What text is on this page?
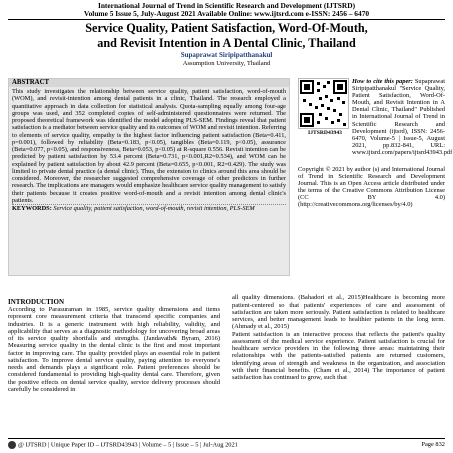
International Journal of Trend in Scientific Research and Development (IJTSRD)
Volume 5 Issue 5, July-August 2021 Available Online: www.ijtsrd.com e-ISSN: 2456 – 6470
Service Quality, Patient Satisfaction, Word-Of-Mouth,
and Revisit Intention in A Dental Clinic, Thailand
Supaprawat Siripipatthanakul
Assumption University, Thailand
ABSTRACT
This study investigates the relationship between service quality, patient satisfaction, word-of-mouth (WOM), and revisit-intention among dental patients in a clinic, Thailand. The research employed a quantitative approach in data collection for statistical analysis. Quota-sampling equally among four-age groups was used, and 352 completed copies of self-administered questionnaires were returned. The proposed theoretical framework was identified the model adopting PLS-SEM. Findings reveal that patient satisfaction is a mediator between service quality and its outcomes of WOM and revisit intention. Referring to elements of service quality, empathy is the highest factor influencing patient satisfaction (Beta=0.411, p=0.001), followed by reliability (Beta=0.183, p<0.05), tangibles (Beta=0.119, p<0.05), assurance (Beta=0.077, p<0.05), and responsiveness, Beta=0.053, p<0.05) at R-square 0.556. Revisit intention can be predicted by patient satisfaction by 53.4 percent (Beta=0.731, p<0.001,R2=0.534), and WOM can be explained by patient satisfaction by about 42.9 percent (Beta=0.655, p<0.001, R2=0.429). The study was limited to private dental practice (a dental clinic). Thus, the extension to clinics around this area should be considered. Moreover, the researcher suggested comprehensive coverage of other predictors in further research. The implications are managers would emphasize healthcare service quality management to satisfy their patients because it creates positive word-of-mouth and a revisit intention among dental clinic's patients.
KEYWORDS: Service quality, patient satisfaction, word-of-mouth, revisit intention, PLS-SEM
IJTSRD43943
How to cite this paper: Supaprawat Siripipatthanakul "Service Quality, Patient Satisfaction, Word-Of-Mouth, and Revisit Intention in A Dental Clinic, Thailand" Published in International Journal of Trend in Scientific Research and Development (ijtsrd), ISSN: 2456-6470, Volume-5 | Issue-5, August 2021, pp.832-841, URL: www.ijtsrd.com/papers/ijtsrd43943.pdf
Copyright © 2021 by author (s) and International Journal of Trend in Scientific Research and Development Journal. This is an Open Access article distributed under the terms of the Creative Commons Attribution License (CC BY 4.0) (http://creativecommons.org/licenses/by/4.0)
INTRODUCTION
According to Parasuraman in 1985, service quality dimensions and items represent core measurement criteria that transcend specific companies and industries. It is a generic instrument with high reliability, validity, and applicability that serves as a diagnostic methodology for uncovering broad areas of its service quality shortfalls and strengths. (Jandavath& Byram, 2016) Measuring service quality in the dental clinic is the first and most important factor in improving care. The quality provided plays an essential role in patient satisfaction. To improve dental service quality, paying attention to everyone's needs and demands plays a significant role. Patient preferences should be considered fundamental to providing high-quality dental care. Therefore, given the positive effects on dental service quality, service delivery processes should carefully be considered in

all quality dimensions. (Bahadori et al., 2015)Healthcare is becoming more patient-centered so that patients' experiences of care and assessment of satisfaction are taken more seriously. Patient satisfaction is related to healthcare services, and better management leads to healthier patients in the long term. (Ahmady et al., 2015)
Patient satisfaction is an interactive process that reflects the patient's quality assessment of the medical service experience. Patient satisfaction is crucial for healthcare service providers in the following three areas: maintaining their relationships with the patients-satisfied patients are returned customers, identifying areas of strength and weakness in the organization, and association with their financial benefits. (Cham et al., 2014) The importance of patient satisfaction has continued to grow, such that

@ IJTSRD | Unique Paper ID – IJTSRD43943 | Volume – 5 | Issue – 5 | Jul-Aug 2021	Page 832
